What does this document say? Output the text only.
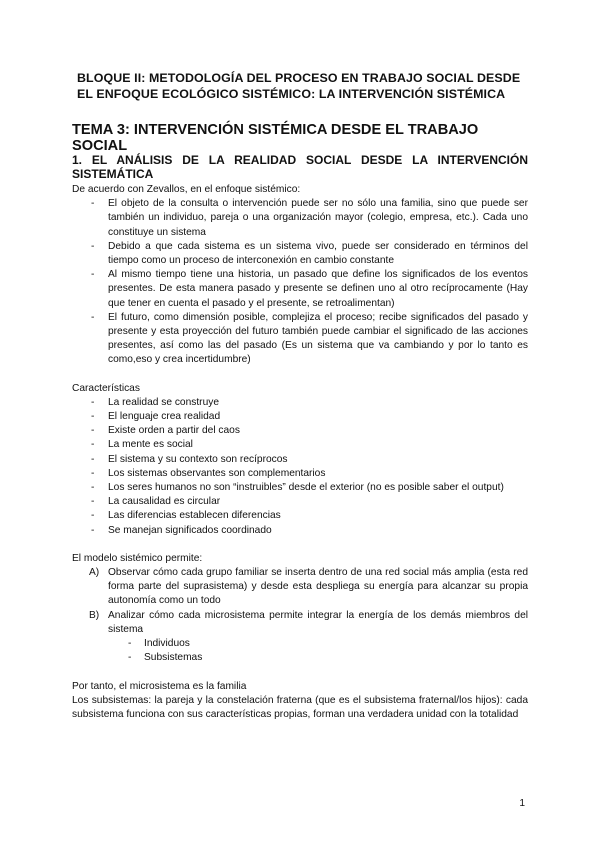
BLOQUE II: METODOLOGÍA DEL PROCESO EN TRABAJO SOCIAL DESDE EL ENFOQUE ECOLÓGICO SISTÉMICO: LA INTERVENCIÓN SISTÉMICA
TEMA 3: INTERVENCIÓN SISTÉMICA DESDE EL TRABAJO SOCIAL
1. EL ANÁLISIS DE LA REALIDAD SOCIAL DESDE LA INTERVENCIÓN SISTEMÁTICA

De acuerdo con Zevallos, en el enfoque sistémico:

- El objeto de la consulta o intervención puede ser no sólo una familia, sino que puede ser también un individuo, pareja o una organización mayor (colegio, empresa, etc.). Cada uno constituye un sistema
- Debido a que cada sistema es un sistema vivo, puede ser considerado en términos del tiempo como un proceso de interconexión en cambio constante
- Al mismo tiempo tiene una historia, un pasado que define los significados de los eventos presentes. De esta manera pasado y presente se definen uno al otro recíprocamente (Hay que tener en cuenta el pasado y el presente, se retroalimentan)
- El futuro, como dimensión posible, complejiza el proceso; recibe significados del pasado y presente y esta proyección del futuro también puede cambiar el significado de las acciones presentes, así como las del pasado (Es un sistema que va cambiando y por lo tanto es como,eso y crea incertidumbre)

Características

- La realidad se construye
- El lenguaje crea realidad
- Existe orden a partir del caos
- La mente es social
- El sistema y su contexto son recíprocos
- Los sistemas observantes son complementarios
- Los seres humanos no son “instruibles” desde el exterior (no es posible saber el output)
- La causalidad es circular
- Las diferencias establecen diferencias
- Se manejan significados coordinado

El modelo sistémico permite:

A) Observar cómo cada grupo familiar se inserta dentro de una red social más amplia (esta red forma parte del suprasistema) y desde esta despliega su energía para alcanzar su propia autonomía como un todo
B) Analizar cómo cada microsistema permite integrar la energía de los demás miembros del sistema
- Individuos
- Subsistemas

Por tanto, el microsistema es la familia

Los subsistemas: la pareja y la constelación fraterna (que es el subsistema fraternal/los hijos): cada subsistema funciona con sus características propias, forman una verdadera unidad con la totalidad

1
